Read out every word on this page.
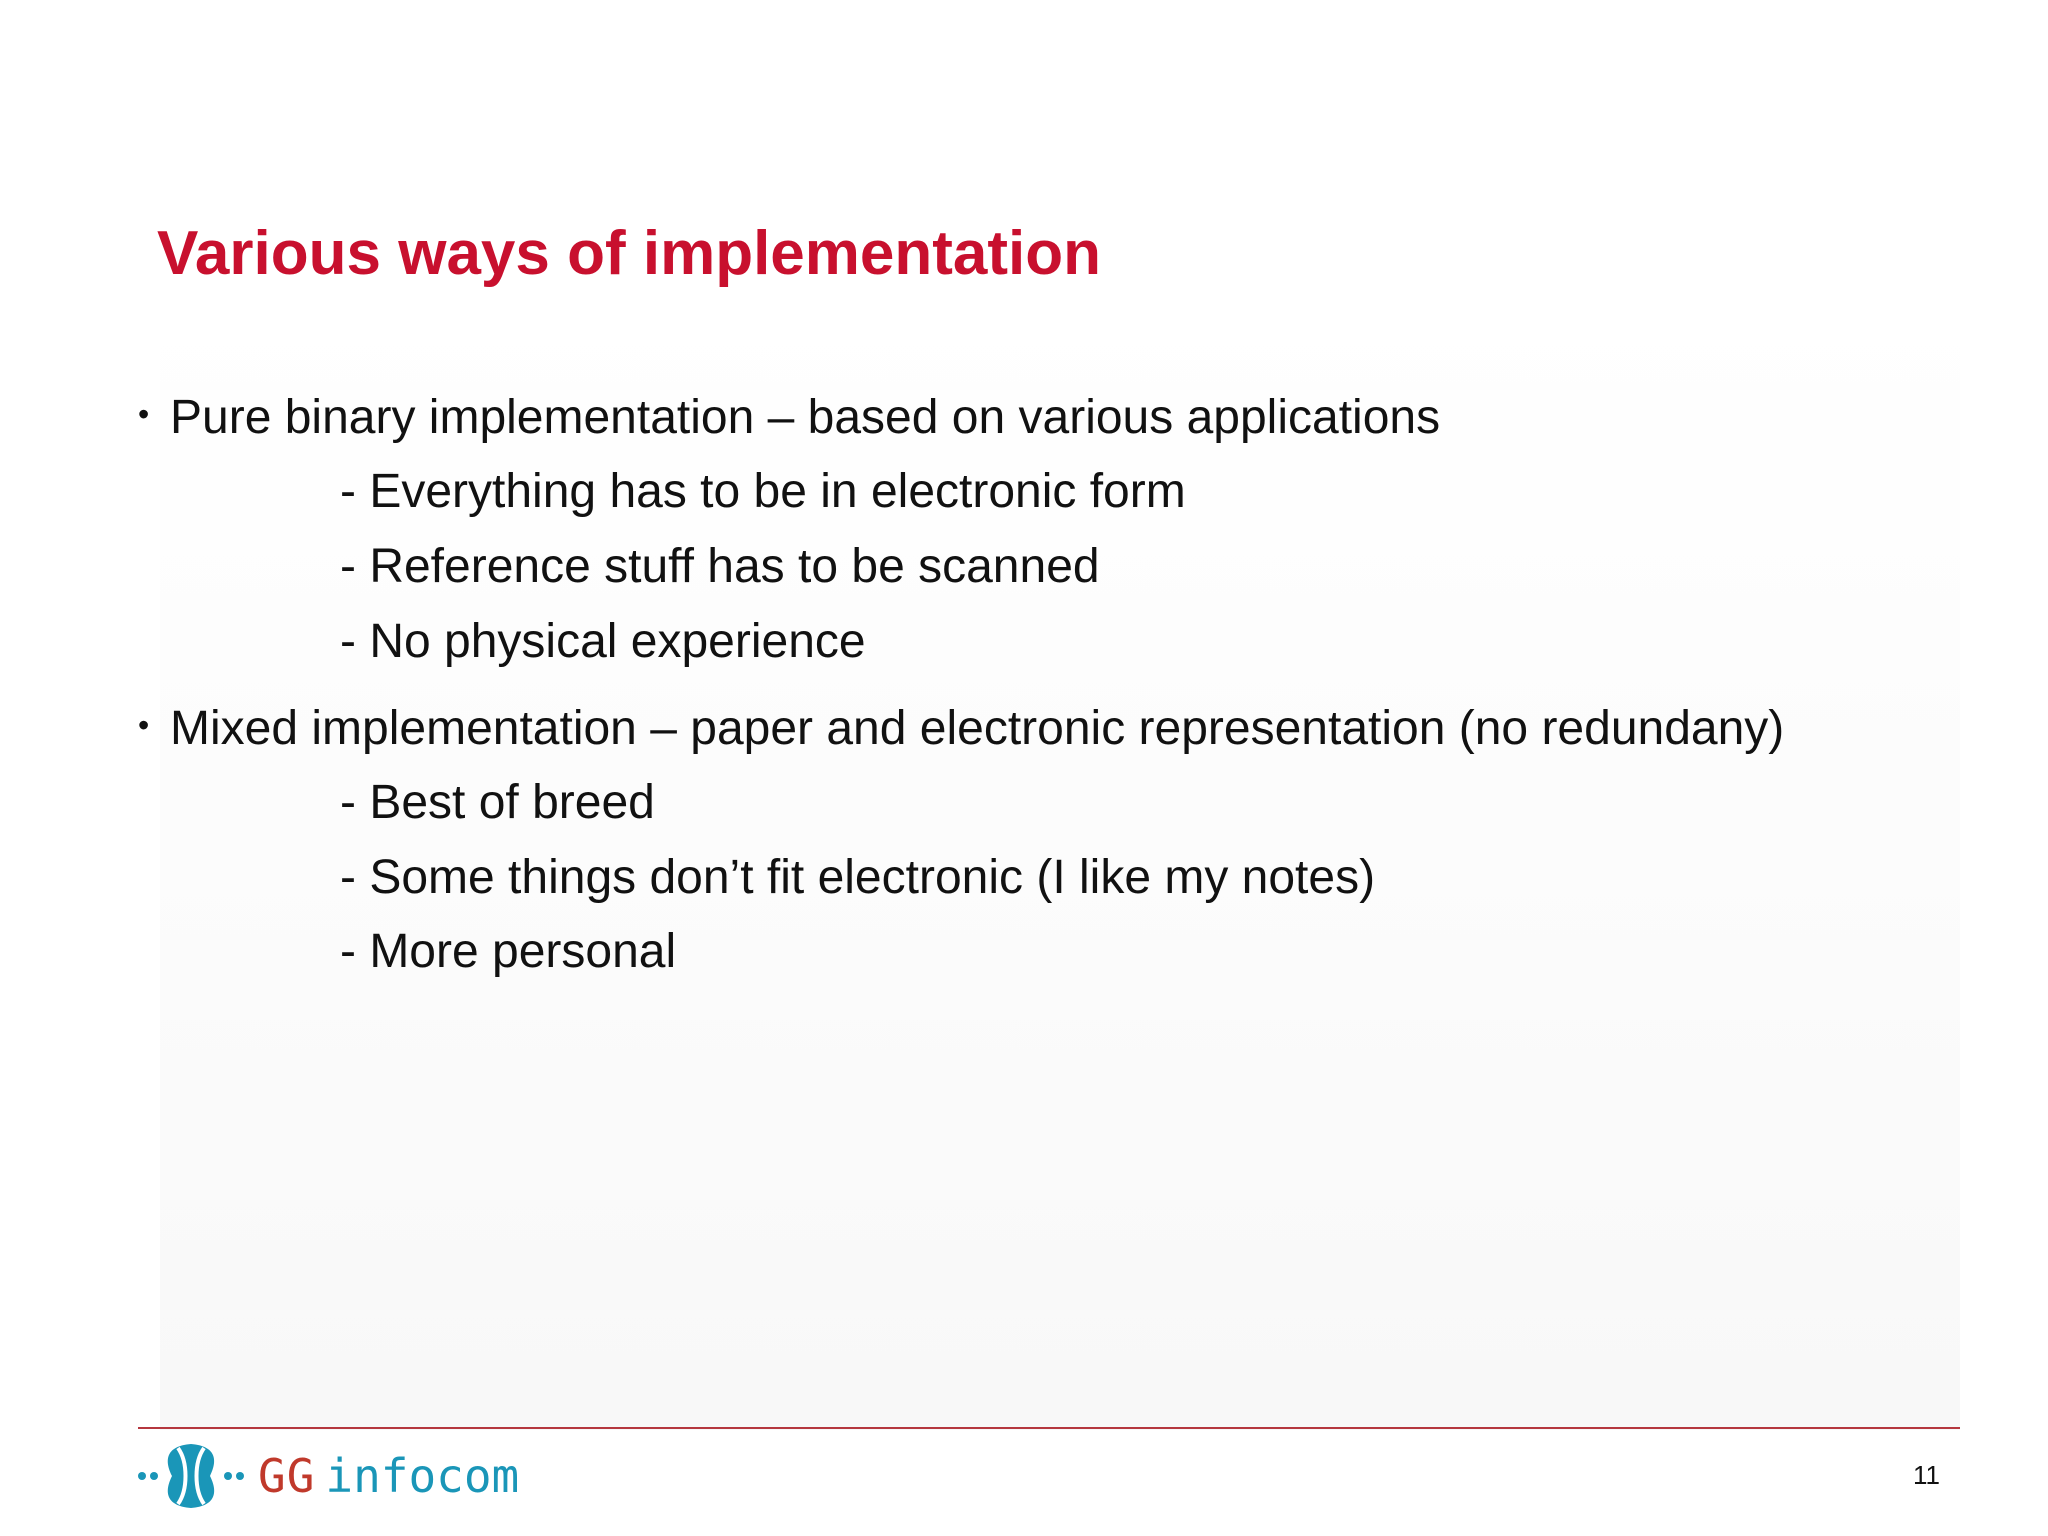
Various ways of implementation
• Pure binary implementation – based on various applications
- Everything has to be in electronic form
- Reference stuff has to be scanned
- No physical experience
• Mixed implementation – paper and electronic representation (no redundany)
- Best of breed
- Some things don’t fit electronic (I like my notes)
- More personal
GG infocom	11
